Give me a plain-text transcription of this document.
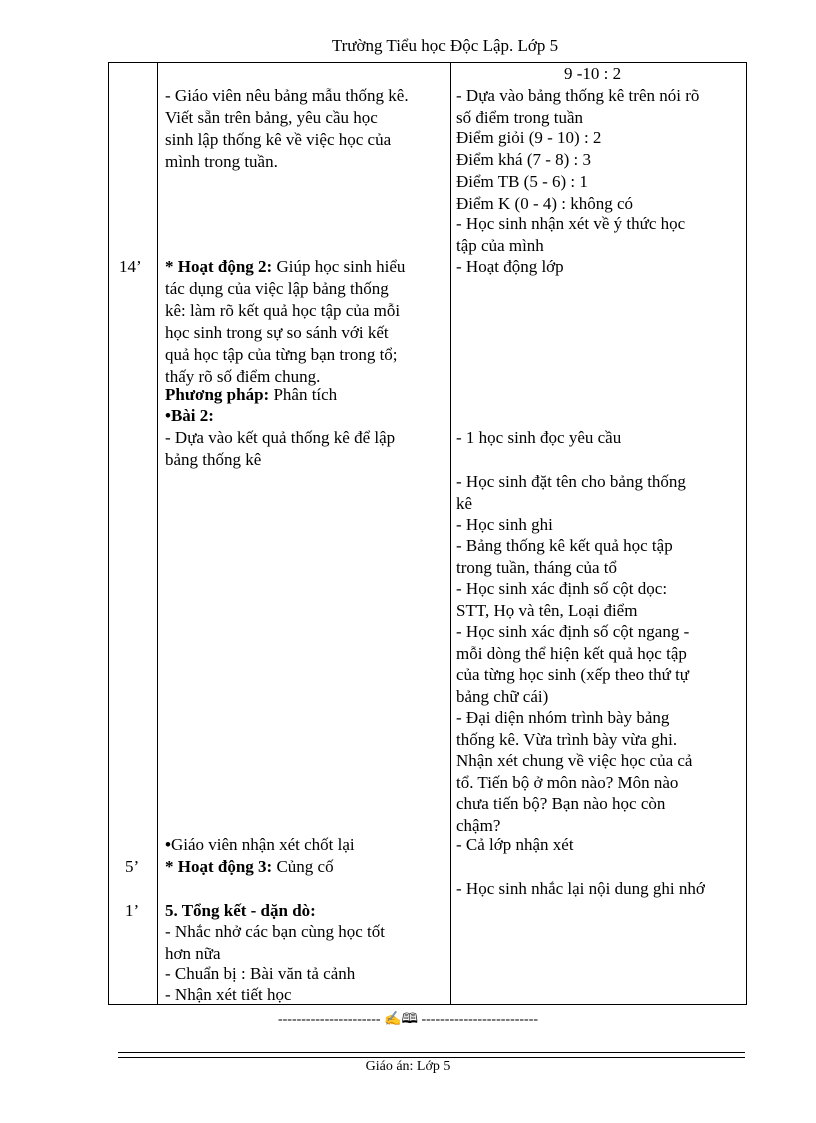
Trường Tiểu học Độc Lập. Lớp 5
14’
5’
1’
- Giáo viên nêu bảng mẫu thống kê.
Viết sẵn trên bảng, yêu cầu học
sinh lập thống kê về việc học của
mình trong tuần.
* Hoạt động 2: Giúp học sinh hiểu
tác dụng của việc lập bảng thống
kê: làm rõ kết quả học tập của mỗi
học sinh trong sự so sánh với kết
quả học tập của từng bạn trong tổ;
thấy rõ số điểm chung.
Phương pháp: Phân tích
• Bài 2:
- Dựa vào kết quả thống kê để lập
bảng thống kê
• Giáo viên nhận xét chốt lại
* Hoạt động 3: Củng cố
5. Tổng kết - dặn dò:
- Nhắc nhở các bạn cùng học tốt
hơn nữa
- Chuẩn bị : Bài văn tả cảnh
- Nhận xét tiết học
9 -10 : 2
- Dựa vào bảng thống kê trên nói rõ
số điểm trong tuần
Điểm giỏi (9 - 10) : 2
Điểm khá (7 - 8) : 3
Điểm TB (5 - 6) : 1
Điểm K (0 - 4) : không có
- Học sinh nhận xét về ý thức học
tập của mình
- Hoạt động lớp
- 1 học sinh đọc yêu cầu
- Học sinh đặt tên cho bảng thống
kê
- Học sinh ghi
- Bảng thống kê kết quả học tập
trong tuần, tháng của tổ
- Học sinh xác định số cột dọc:
STT, Họ và tên, Loại điểm
- Học sinh xác định số cột ngang -
mỗi dòng thể hiện kết quả học tập
của từng học sinh (xếp theo thứ tự
bảng chữ cái)
- Đại diện nhóm trình bày bảng
thống kê. Vừa trình bày vừa ghi.
Nhận xét chung về việc học của cả
tổ. Tiến bộ ở môn nào? Môn nào
chưa tiến bộ? Bạn nào học còn
chậm?
- Cả lớp nhận xét
- Học sinh nhắc lại nội dung ghi nhớ
---------------------- ✍🕮 -------------------------
Giáo án: Lớp 5
